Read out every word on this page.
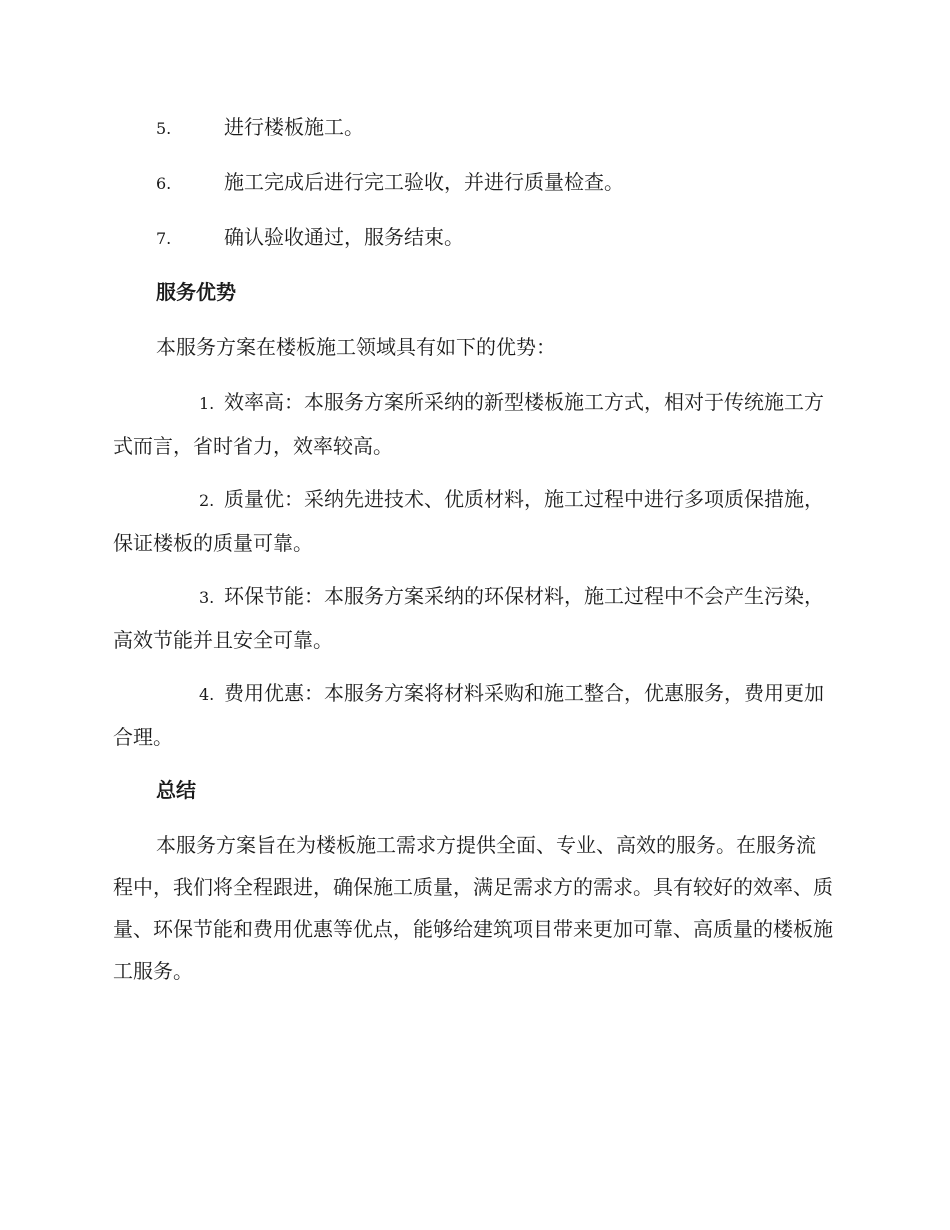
5.	进行楼板施工。
6.	施工完成后进行完工验收，并进行质量检查。
7.	确认验收通过，服务结束。
服务优势
本服务方案在楼板施工领域具有如下的优势：
1. 效率高：本服务方案所采纳的新型楼板施工方式，相对于传统施工方式而言，省时省力，效率较高。
2. 质量优：采纳先进技术、优质材料，施工过程中进行多项质保措施，保证楼板的质量可靠。
3. 环保节能：本服务方案采纳的环保材料，施工过程中不会产生污染，高效节能并且安全可靠。
4. 费用优惠：本服务方案将材料采购和施工整合，优惠服务，费用更加合理。
总结
本服务方案旨在为楼板施工需求方提供全面、专业、高效的服务。在服务流程中，我们将全程跟进，确保施工质量，满足需求方的需求。具有较好的效率、质量、环保节能和费用优惠等优点，能够给建筑项目带来更加可靠、高质量的楼板施工服务。
